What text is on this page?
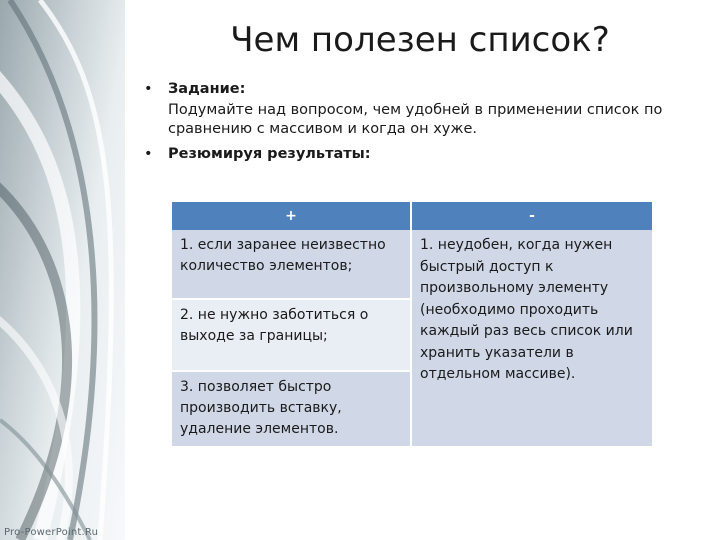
Pro-PowerPoint.Ru
Чем полезен список?
• Задание:
Подумайте над вопросом, чем удобней в применении список по сравнению с массивом и когда он хуже.
• Резюмируя результаты:
+	-
1. если заранее неизвестно количество элементов;
2. не нужно заботиться о выходе за границы;
3. позволяет быстро производить вставку, удаление элементов.
1. неудобен, когда нужен быстрый доступ к произвольному элементу (необходимо проходить каждый раз весь список или хранить указатели в отдельном массиве).
